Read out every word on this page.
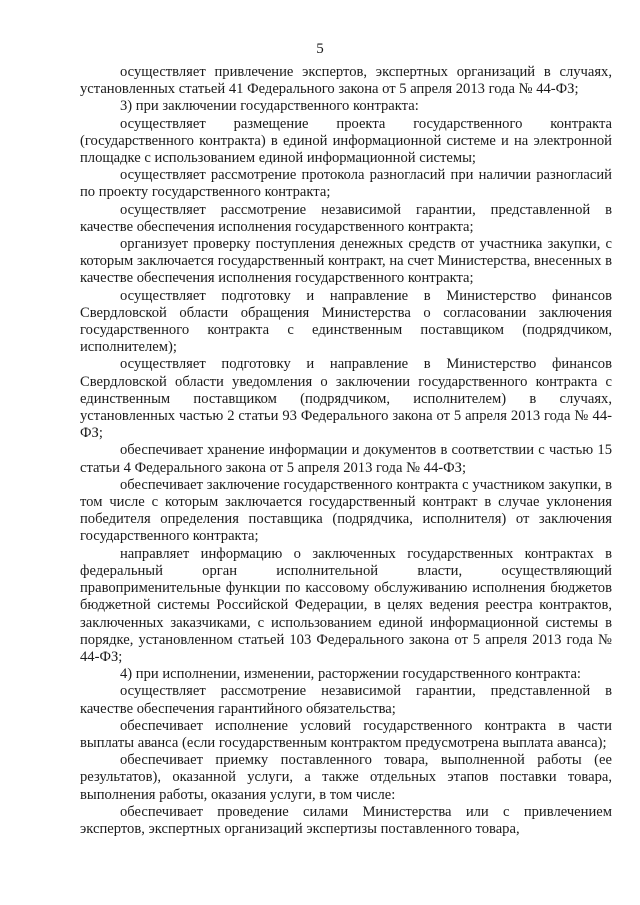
5

осуществляет привлечение экспертов, экспертных организаций в случаях, установленных статьей 41 Федерального закона от 5 апреля 2013 года № 44-ФЗ;

3) при заключении государственного контракта:

осуществляет размещение проекта государственного контракта (государственного контракта) в единой информационной системе и на электронной площадке с использованием единой информационной системы;

осуществляет рассмотрение протокола разногласий при наличии разногласий по проекту государственного контракта;

осуществляет рассмотрение независимой гарантии, представленной в качестве обеспечения исполнения государственного контракта;

организует проверку поступления денежных средств от участника закупки, с которым заключается государственный контракт, на счет Министерства, внесенных в качестве обеспечения исполнения государственного контракта;

осуществляет подготовку и направление в Министерство финансов Свердловской области обращения Министерства о согласовании заключения государственного контракта с единственным поставщиком (подрядчиком, исполнителем);

осуществляет подготовку и направление в Министерство финансов Свердловской области уведомления о заключении государственного контракта с единственным поставщиком (подрядчиком, исполнителем) в случаях, установленных частью 2 статьи 93 Федерального закона от 5 апреля 2013 года № 44-ФЗ;

обеспечивает хранение информации и документов в соответствии с частью 15 статьи 4 Федерального закона от 5 апреля 2013 года № 44-ФЗ;

обеспечивает заключение государственного контракта с участником закупки, в том числе с которым заключается государственный контракт в случае уклонения победителя определения поставщика (подрядчика, исполнителя) от заключения государственного контракта;

направляет информацию о заключенных государственных контрактах в федеральный орган исполнительной власти, осуществляющий правоприменительные функции по кассовому обслуживанию исполнения бюджетов бюджетной системы Российской Федерации, в целях ведения реестра контрактов, заключенных заказчиками, с использованием единой информационной системы в порядке, установленном статьей 103 Федерального закона от 5 апреля 2013 года № 44-ФЗ;

4) при исполнении, изменении, расторжении государственного контракта:

осуществляет рассмотрение независимой гарантии, представленной в качестве обеспечения гарантийного обязательства;

обеспечивает исполнение условий государственного контракта в части выплаты аванса (если государственным контрактом предусмотрена выплата аванса);

обеспечивает приемку поставленного товара, выполненной работы (ее результатов), оказанной услуги, а также отдельных этапов поставки товара, выполнения работы, оказания услуги, в том числе:

обеспечивает проведение силами Министерства или с привлечением экспертов, экспертных организаций экспертизы поставленного товара,
